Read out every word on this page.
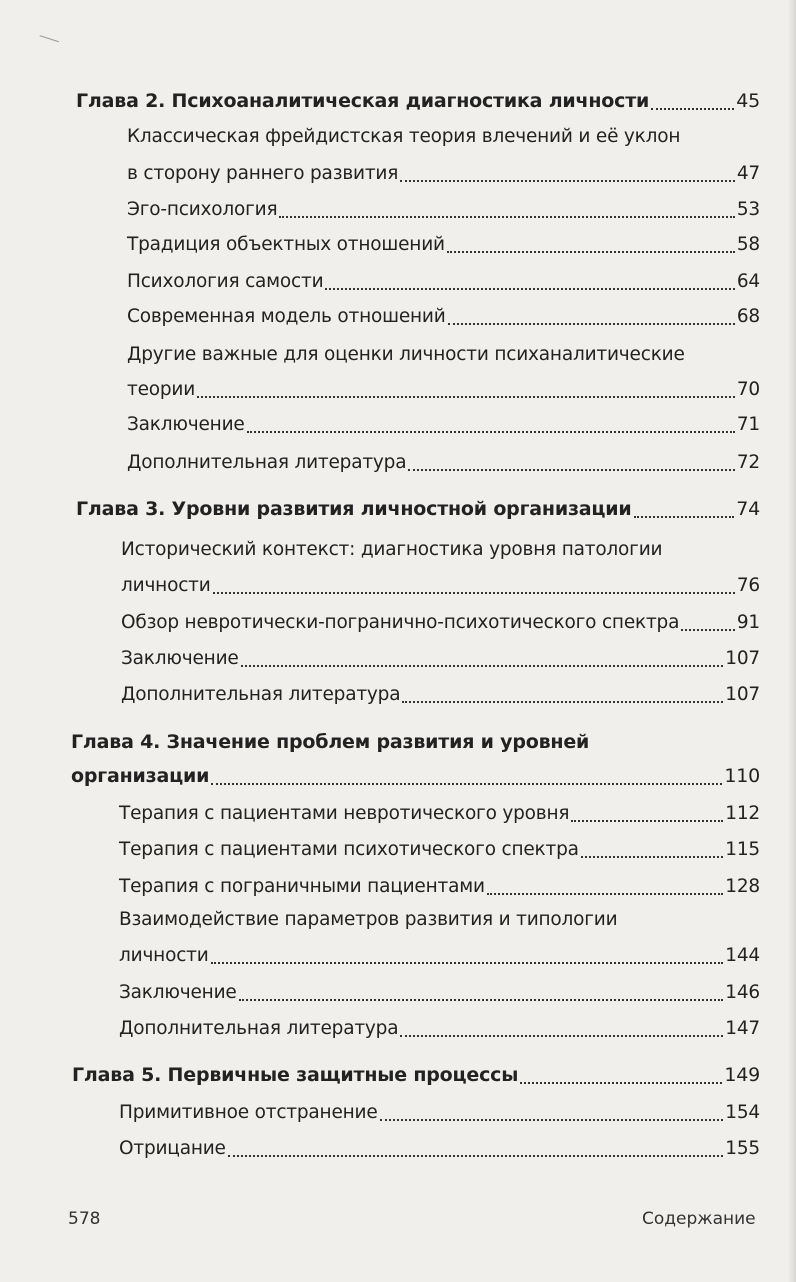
Глава 2. Психоаналитическая диагностика личности	45
Классическая фрейдистская теория влечений и её уклон
в сторону раннего развития	47
Эго-психология	53
Традиция объектных отношений	58
Психология самости	64
Современная модель отношений	68
Другие важные для оценки личности психаналитические
теории	70
Заключение	71
Дополнительная литература	72
Глава 3. Уровни развития личностной организации	74
Исторический контекст: диагностика уровня патологии
личности	76
Обзор невротически-погранично-психотического спектра	91
Заключение	107
Дополнительная литература	107
Глава 4. Значение проблем развития и уровней
организации	110
Терапия с пациентами невротического уровня	112
Терапия с пациентами психотического спектра	115
Терапия с пограничными пациентами	128
Взаимодействие параметров развития и типологии
личности	144
Заключение	146
Дополнительная литература	147
Глава 5. Первичные защитные процессы	149
Примитивное отстранение	154
Отрицание	155
578	Содержание
